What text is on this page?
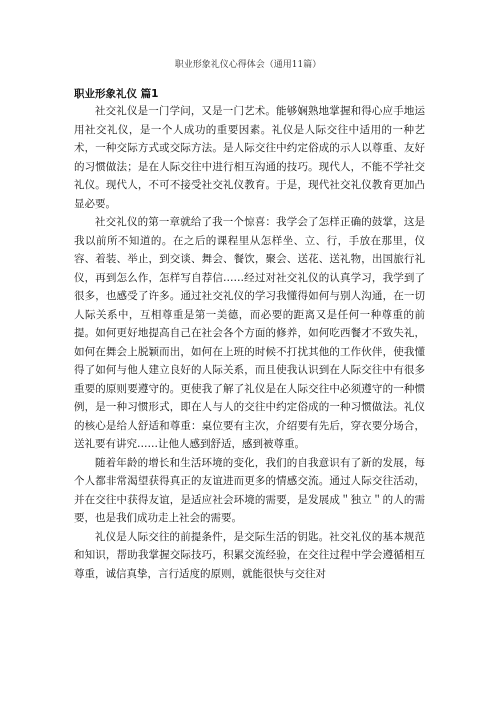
职业形象礼仪心得体会（通用11篇）
职业形象礼仪 篇1

社交礼仪是一门学问，又是一门艺术。能够娴熟地掌握和得心应手地运用社交礼仪，是一个人成功的重要因素。礼仪是人际交往中适用的一种艺术，一种交际方式或交际方法。是人际交往中约定俗成的示人以尊重、友好的习惯做法；是在人际交往中进行相互沟通的技巧。现代人，不能不学社交礼仪。现代人，不可不接受社交礼仪教育。于是，现代社交礼仪教育更加凸显必要。

社交礼仪的第一章就给了我一个惊喜：我学会了怎样正确的鼓掌，这是我以前所不知道的。在之后的课程里从怎样坐、立、行，手放在那里，仪容、着装、举止，到交谈、舞会、餐饮，聚会、送花、送礼物，出国旅行礼仪，再到怎么作，怎样写自荐信……经过对社交礼仪的认真学习，我学到了很多，也感受了许多。通过社交礼仪的学习我懂得如何与别人沟通，在一切人际关系中，互相尊重是第一美德，而必要的距离又是任何一种尊重的前提。如何更好地提高自己在社会各个方面的修养，如何吃西餐才不致失礼，如何在舞会上脱颖而出，如何在上班的时候不打扰其他的工作伙伴，使我懂得了如何与他人建立良好的人际关系，而且使我认识到在人际交往中有很多重要的原则要遵守的。更使我了解了礼仪是在人际交往中必须遵守的一种惯例，是一种习惯形式，即在人与人的交往中约定俗成的一种习惯做法。礼仪的核心是给人舒适和尊重：桌位要有主次，介绍要有先后，穿衣要分场合，送礼要有讲究……让他人感到舒适，感到被尊重。

随着年龄的增长和生活环境的变化，我们的自我意识有了新的发展，每个人都非常渴望获得真正的友谊进而更多的情感交流。通过人际交往活动，并在交往中获得友谊，是适应社会环境的需要，是发展成＂独立＂的人的需要，也是我们成功走上社会的需要。

礼仪是人际交往的前提条件，是交际生活的钥匙。社交礼仪的基本规范和知识，帮助我掌握交际技巧，积累交流经验，在交往过程中学会遵循相互尊重，诚信真挚，言行适度的原则，就能很快与交往对
